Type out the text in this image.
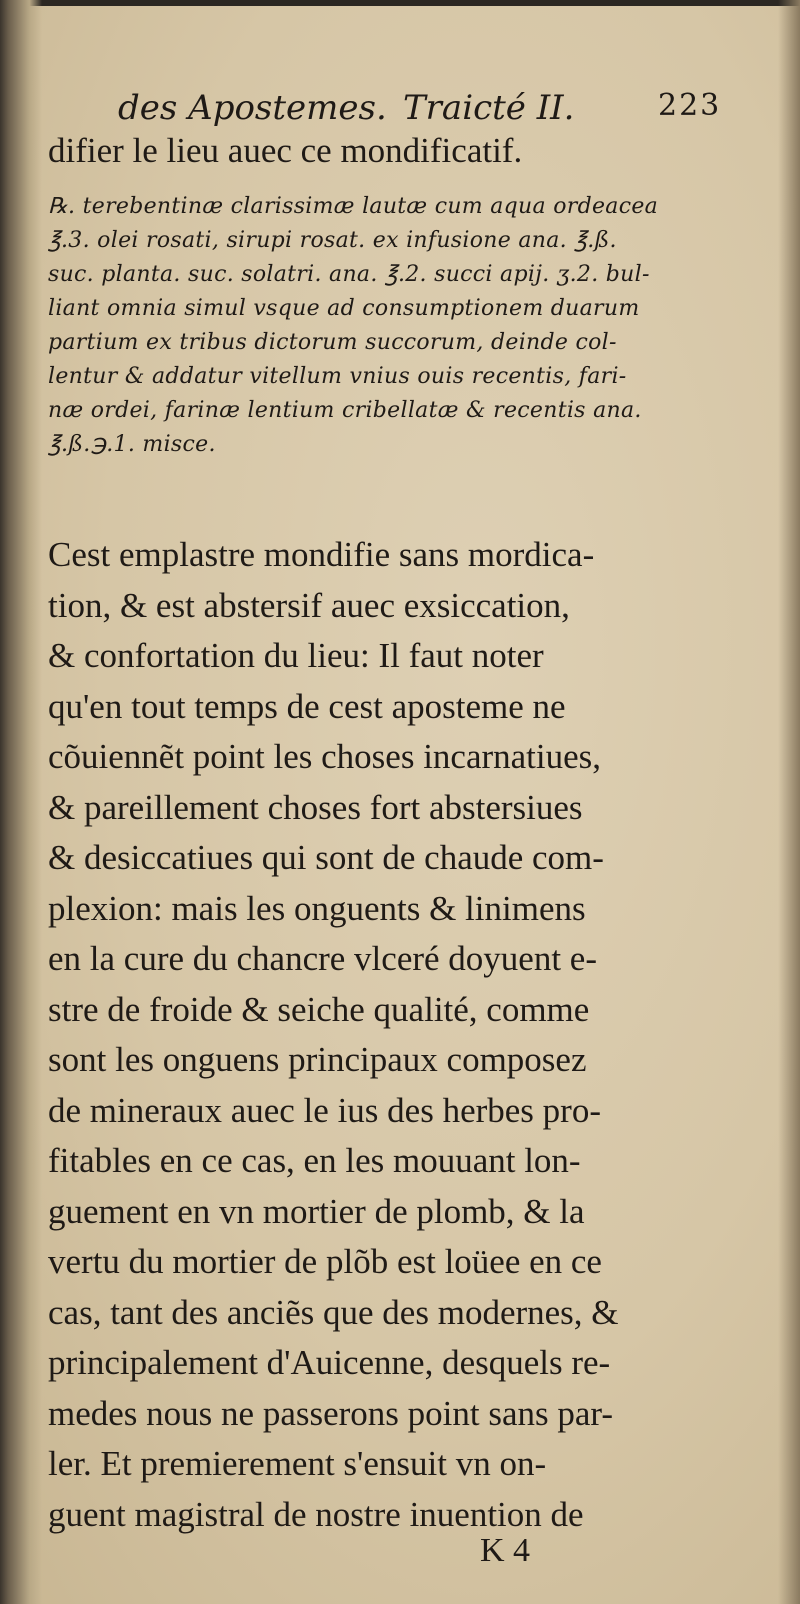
des Apostemes. Traicté II.	223
difier le lieu auec ce mondificatif.
℞. terebentinæ clarissimæ lautæ cum aqua ordeacea
℥.3. olei rosati, sirupi rosat. ex infusione ana. ℥.ß.
suc. planta. suc. solatri. ana. ℥.2. succi apij. ʒ.2. bul-
liant omnia simul vsque ad consumptionem duarum
partium ex tribus dictorum succorum, deinde col-
lentur & addatur vitellum vnius ouis recentis, fari-
næ ordei, farinæ lentium cribellatæ & recentis ana.
℥.ß.℈.1. misce.
Cest emplastre mondifie sans mordica-
tion, & est abstersif auec exsiccation,
& confortation du lieu: Il faut noter
qu'en tout temps de cest aposteme ne
cõuiennẽt point les choses incarnatiues,
& pareillement choses fort abstersiues
& desiccatiues qui sont de chaude com-
plexion: mais les onguents & linimens
en la cure du chancre vlceré doyuent e-
stre de froide & seiche qualité, comme
sont les onguens principaux composez
de mineraux auec le ius des herbes pro-
fitables en ce cas, en les mouuant lon-
guement en vn mortier de plomb, & la
vertu du mortier de plõb est loüee en ce
cas, tant des anciẽs que des modernes, &
principalement d'Auicenne, desquels re-
medes nous ne passerons point sans par-
ler. Et premierement s'ensuit vn on-
guent magistral de nostre inuention de
K 4
